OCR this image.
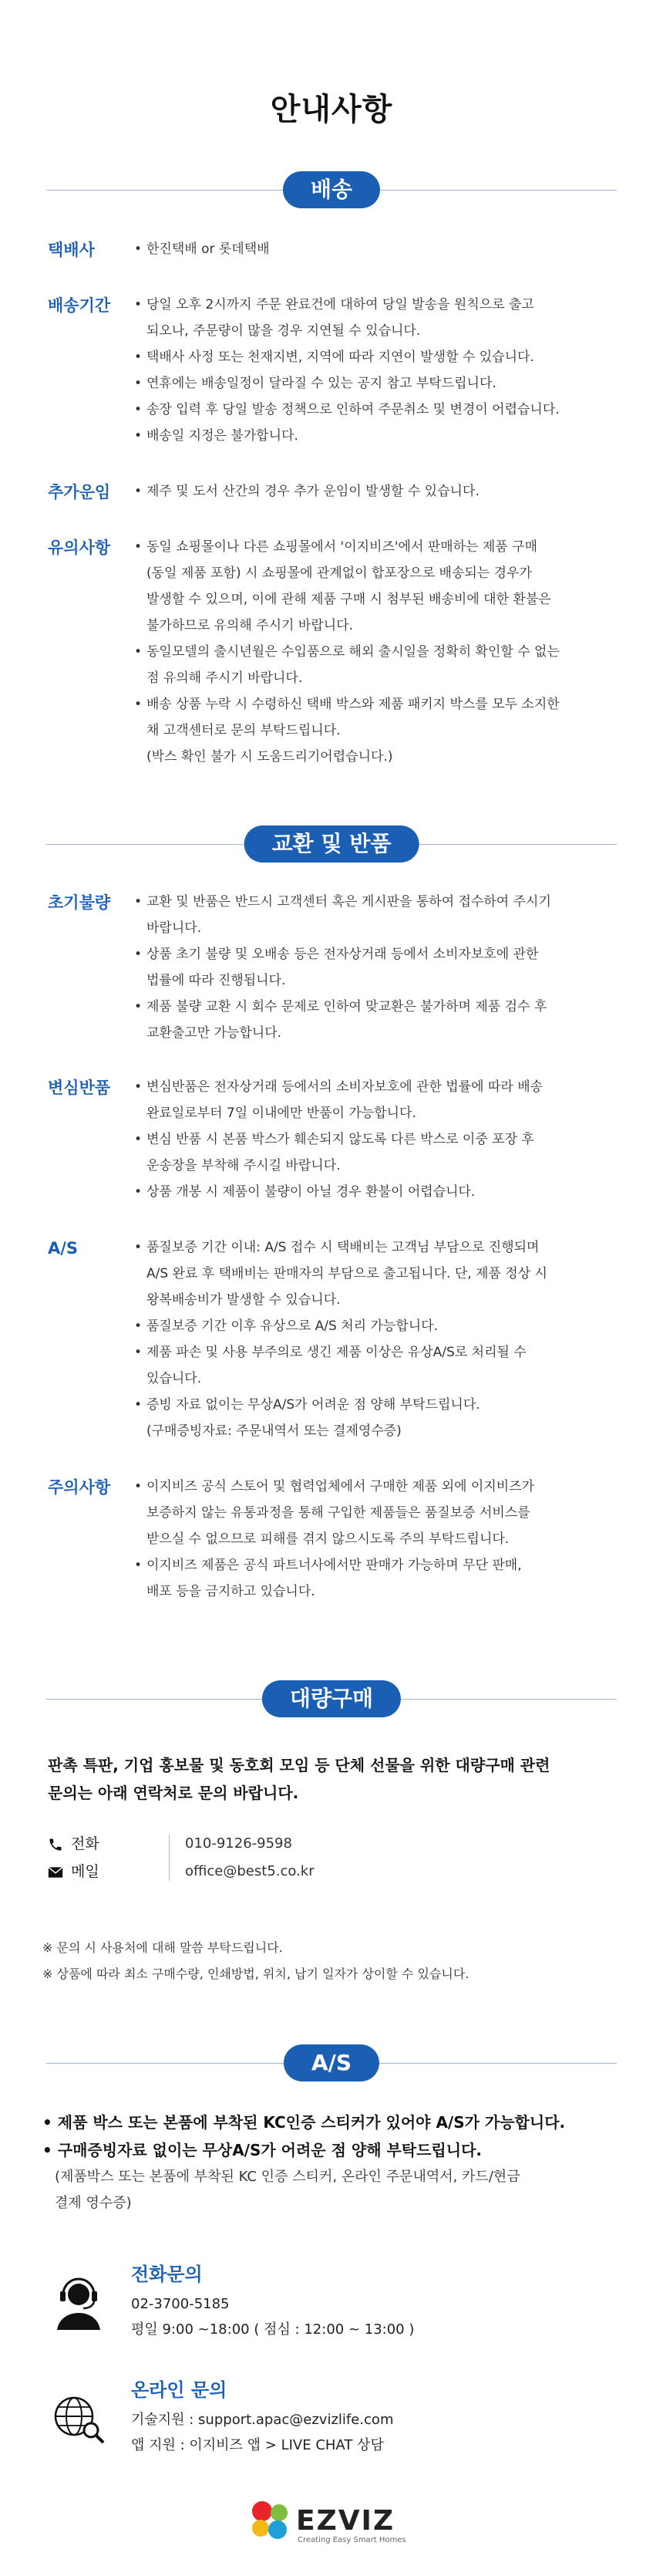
안내사항
배송
택배사	• 한진택배 or 롯데택배
배송기간	• 당일 오후 2시까지 주문 완료건에 대하여 당일 발송을 원칙으로 출고
되오나, 주문량이 많을 경우 지연될 수 있습니다.
• 택배사 사정 또는 천재지변, 지역에 따라 지연이 발생할 수 있습니다.
• 연휴에는 배송일정이 달라질 수 있는 공지 참고 부탁드립니다.
• 송장 입력 후 당일 발송 정책으로 인하여 주문취소 및 변경이 어렵습니다.
• 배송일 지정은 불가합니다.
추가운임	• 제주 및 도서 산간의 경우 추가 운임이 발생할 수 있습니다.
유의사항	• 동일 쇼핑몰이나 다른 쇼핑몰에서 '이지비즈'에서 판매하는 제품 구매
(동일 제품 포함) 시 쇼핑몰에 관계없이 합포장으로 배송되는 경우가
발생할 수 있으며, 이에 관해 제품 구매 시 첨부된 배송비에 대한 환불은
불가하므로 유의해 주시기 바랍니다.
• 동일모델의 출시년월은 수입품으로 해외 출시일을 정확히 확인할 수 없는
점 유의해 주시기 바랍니다.
• 배송 상품 누락 시 수령하신 택배 박스와 제품 패키지 박스를 모두 소지한
채 고객센터로 문의 부탁드립니다.
(박스 확인 불가 시 도움드리기어렵습니다.)
교환 및 반품
초기불량	• 교환 및 반품은 반드시 고객센터 혹은 게시판을 통하여 접수하여 주시기
바랍니다.
• 상품 초기 불량 및 오배송 등은 전자상거래 등에서 소비자보호에 관한
법률에 따라 진행됩니다.
• 제품 불량 교환 시 회수 문제로 인하여 맞교환은 불가하며 제품 검수 후
교환출고만 가능합니다.
변심반품	• 변심반품은 전자상거래 등에서의 소비자보호에 관한 법률에 따라 배송
완료일로부터 7일 이내에만 반품이 가능합니다.
• 변심 반품 시 본품 박스가 훼손되지 않도록 다른 박스로 이중 포장 후
운송장을 부착해 주시길 바랍니다.
• 상품 개봉 시 제품이 불량이 아닐 경우 환불이 어렵습니다.
A/S	• 품질보증 기간 이내: A/S 접수 시 택배비는 고객님 부담으로 진행되며
A/S 완료 후 택배비는 판매자의 부담으로 출고됩니다. 단, 제품 정상 시
왕복배송비가 발생할 수 있습니다.
• 품질보증 기간 이후 유상으로 A/S 처리 가능합니다.
• 제품 파손 및 사용 부주의로 생긴 제품 이상은 유상A/S로 처리될 수
있습니다.
• 증빙 자료 없이는 무상A/S가 어려운 점 양해 부탁드립니다.
(구매증빙자료: 주문내역서 또는 결제영수증)
주의사항	• 이지비즈 공식 스토어 및 협력업체에서 구매한 제품 외에 이지비즈가
보증하지 않는 유통과정을 통해 구입한 제품들은 품질보증 서비스를
받으실 수 없으므로 피해를 겪지 않으시도록 주의 부탁드립니다.
• 이지비즈 제품은 공식 파트너사에서만 판매가 가능하며 무단 판매,
배포 등을 금지하고 있습니다.
대량구매
판촉 특판, 기업 홍보물 및 동호회 모임 등 단체 선물을 위한 대량구매 관련
문의는 아래 연락처로 문의 바랍니다.
전화	010-9126-9598
메일	office@best5.co.kr
※ 문의 시 사용처에 대해 말씀 부탁드립니다.
※ 상품에 따라 최소 구매수량, 인쇄방법, 위치, 납기 일자가 상이할 수 있습니다.
A/S
• 제품 박스 또는 본품에 부착된 KC인증 스티커가 있어야 A/S가 가능합니다.
• 구매증빙자료 없이는 무상A/S가 어려운 점 양해 부탁드립니다.
(제품박스 또는 본품에 부착된 KC 인증 스티커, 온라인 주문내역서, 카드/현금
결제 영수증)
전화문의
02-3700-5185
평일 9:00 ~18:00 ( 점심 : 12:00 ~ 13:00 )
온라인 문의
기술지원 : support.apac@ezvizlife.com
앱 지원 : 이지비즈 앱 > LIVE CHAT 상담
EZVIZ
Creating Easy Smart Homes
